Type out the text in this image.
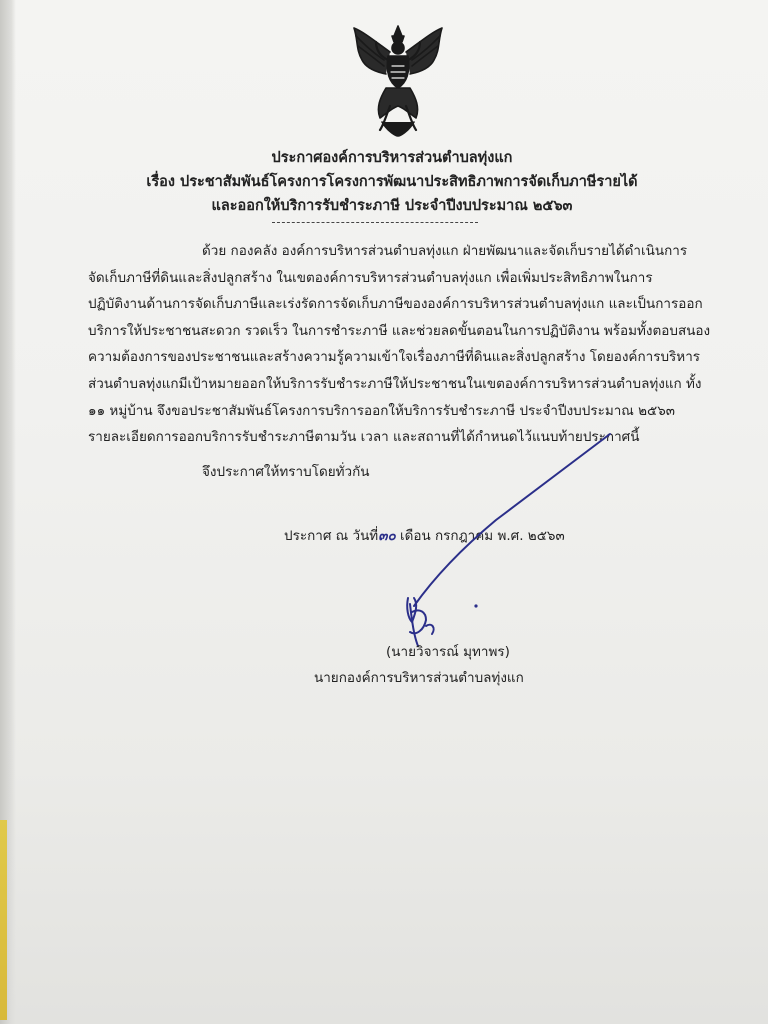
ประกาศองค์การบริหารส่วนตำบลทุ่งแก
เรื่อง ประชาสัมพันธ์โครงการโครงการพัฒนาประสิทธิภาพการจัดเก็บภาษีรายได้
และออกให้บริการรับชำระภาษี ประจำปีงบประมาณ ๒๕๖๓
ด้วย กองคลัง องค์การบริหารส่วนตำบลทุ่งแก ฝ่ายพัฒนาและจัดเก็บรายได้ดำเนินการ
จัดเก็บภาษีที่ดินและสิ่งปลูกสร้าง ในเขตองค์การบริหารส่วนตำบลทุ่งแก เพื่อเพิ่มประสิทธิภาพในการ
ปฏิบัติงานด้านการจัดเก็บภาษีและเร่งรัดการจัดเก็บภาษีขององค์การบริหารส่วนตำบลทุ่งแก และเป็นการออก
บริการให้ประชาชนสะดวก รวดเร็ว ในการชำระภาษี และช่วยลดขั้นตอนในการปฏิบัติงาน พร้อมทั้งตอบสนอง
ความต้องการของประชาชนและสร้างความรู้ความเข้าใจเรื่องภาษีที่ดินและสิ่งปลูกสร้าง โดยองค์การบริหาร
ส่วนตำบลทุ่งแกมีเป้าหมายออกให้บริการรับชำระภาษีให้ประชาชนในเขตองค์การบริหารส่วนตำบลทุ่งแก ทั้ง
๑๑ หมู่บ้าน จึงขอประชาสัมพันธ์โครงการบริการออกให้บริการรับชำระภาษี ประจำปีงบประมาณ ๒๕๖๓
รายละเอียดการออกบริการรับชำระภาษีตามวัน เวลา และสถานที่ได้กำหนดไว้แนบท้ายประกาศนี้
จึงประกาศให้ทราบโดยทั่วกัน
ประกาศ ณ วันที่๓๐ เดือน กรกฎาคม พ.ศ. ๒๕๖๓
(นายวิจารณ์ มุทาพร)
นายกองค์การบริหารส่วนตำบลทุ่งแก
